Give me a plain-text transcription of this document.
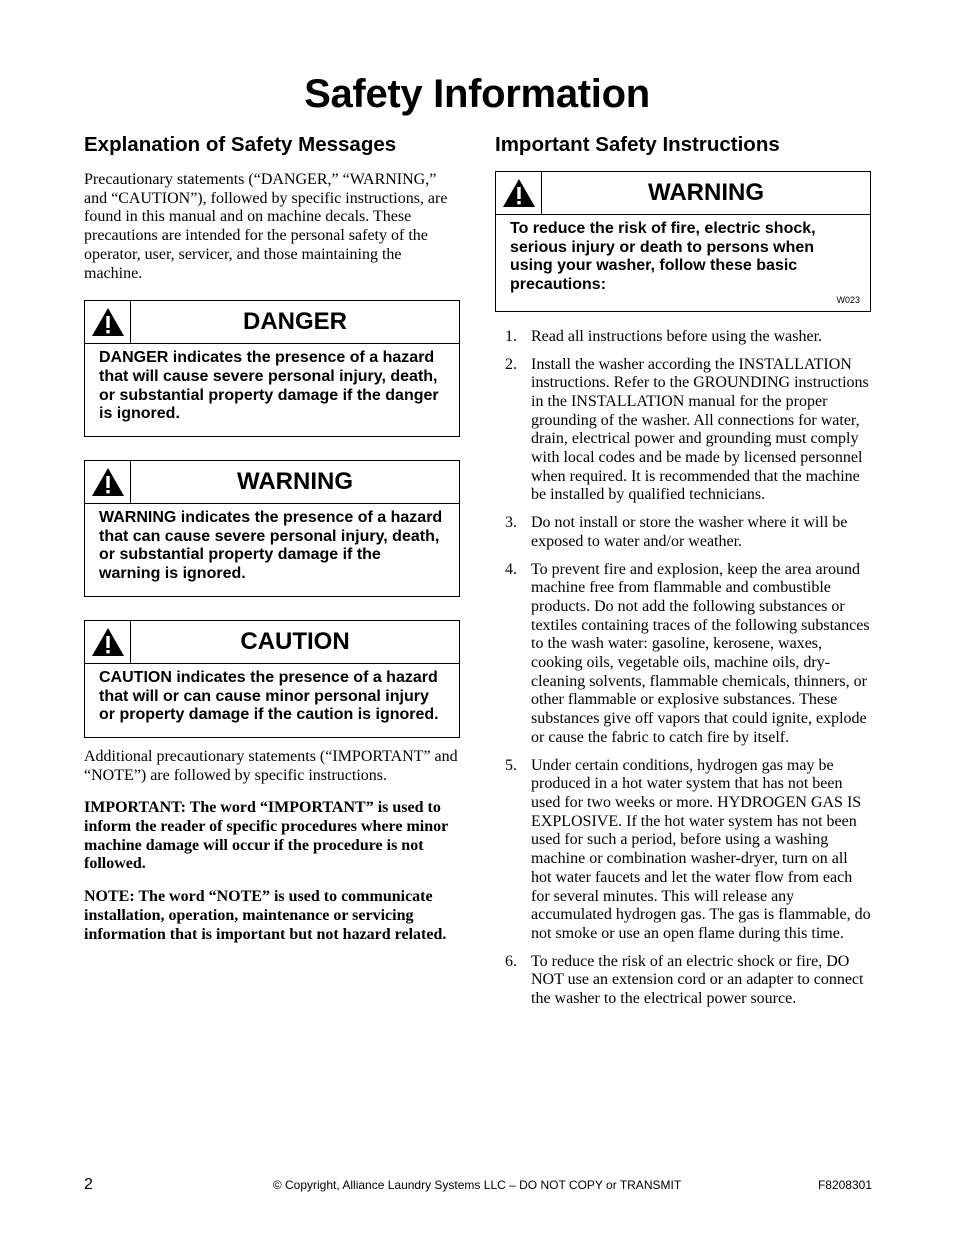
Safety Information
Explanation of Safety Messages

Precautionary statements (“DANGER,” “WARNING,” and “CAUTION”), followed by specific instructions, are found in this manual and on machine decals. These precautions are intended for the personal safety of the operator, user, servicer, and those maintaining the machine.

DANGER
DANGER indicates the presence of a hazard that will cause severe personal injury, death, or substantial property damage if the danger is ignored.
WARNING
WARNING indicates the presence of a hazard that can cause severe personal injury, death, or substantial property damage if the warning is ignored.
CAUTION
CAUTION indicates the presence of a hazard that will or can cause minor personal injury or property damage if the caution is ignored.

Additional precautionary statements (“IMPORTANT” and “NOTE”) are followed by specific instructions.

IMPORTANT: The word “IMPORTANT” is used to inform the reader of specific procedures where minor machine damage will occur if the procedure is not followed.

NOTE: The word “NOTE” is used to communicate installation, operation, maintenance or servicing information that is important but not hazard related.

Important Safety Instructions
WARNING
To reduce the risk of fire, electric shock, serious injury or death to persons when using your washer, follow these basic precautions:
W023
1. Read all instructions before using the washer.
2. Install the washer according the INSTALLATION instructions. Refer to the GROUNDING instructions in the INSTALLATION manual for the proper grounding of the washer. All connections for water, drain, electrical power and grounding must comply with local codes and be made by licensed personnel when required. It is recommended that the machine be installed by qualified technicians.
3. Do not install or store the washer where it will be exposed to water and/or weather.
4. To prevent fire and explosion, keep the area around machine free from flammable and combustible products. Do not add the following substances or textiles containing traces of the following substances to the wash water: gasoline, kerosene, waxes, cooking oils, vegetable oils, machine oils, dry-cleaning solvents, flammable chemicals, thinners, or other flammable or explosive substances. These substances give off vapors that could ignite, explode or cause the fabric to catch fire by itself.
5. Under certain conditions, hydrogen gas may be produced in a hot water system that has not been used for two weeks or more. HYDROGEN GAS IS EXPLOSIVE. If the hot water system has not been used for such a period, before using a washing machine or combination washer-dryer, turn on all hot water faucets and let the water flow from each for several minutes. This will release any accumulated hydrogen gas. The gas is flammable, do not smoke or use an open flame during this time.
6. To reduce the risk of an electric shock or fire, DO NOT use an extension cord or an adapter to connect the washer to the electrical power source.
2	© Copyright, Alliance Laundry Systems LLC – DO NOT COPY or TRANSMIT	F8208301
